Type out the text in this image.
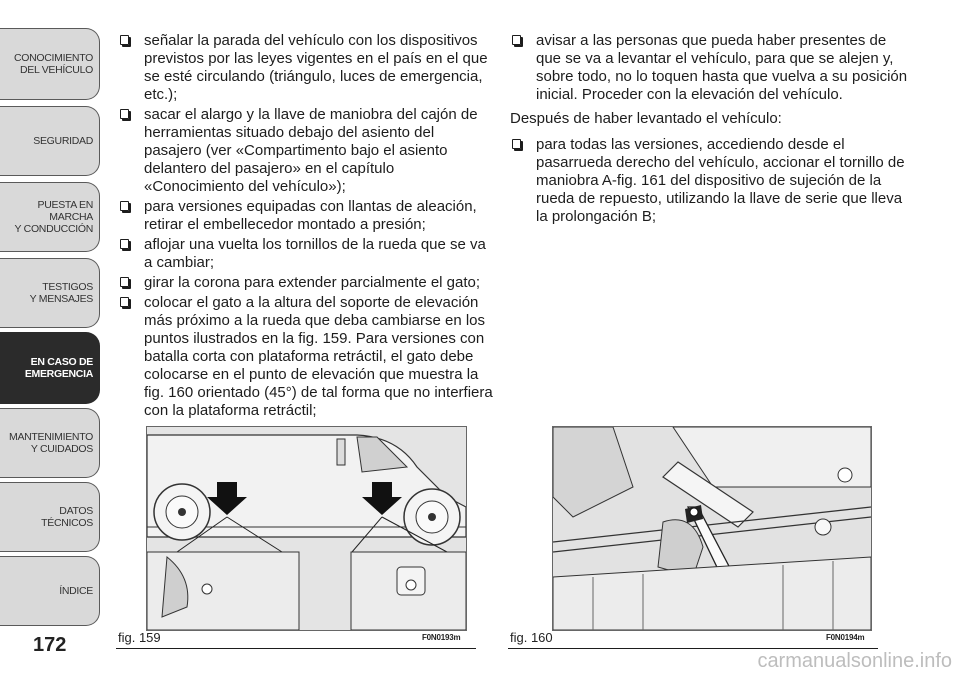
CONOCIMIENTO
DEL VEHÍCULO
SEGURIDAD
PUESTA EN
MARCHA
Y CONDUCCIÓN
TESTIGOS
Y MENSAJES
EN CASO DE
EMERGENCIA
MANTENIMIENTO
Y CUIDADOS
DATOS
TÉCNICOS
ÍNDICE
172
señalar la parada del vehículo con los dispositivos previstos por las leyes vigentes en el país en el que se esté circulando (triángulo, luces de emergencia, etc.);
sacar el alargo y la llave de maniobra del cajón de herramientas situado debajo del asiento del pasajero (ver «Compartimento bajo el asiento delantero del pasajero» en el capítulo «Conocimiento del vehículo»);
para versiones equipadas con llantas de aleación, retirar el embellecedor montado a presión;
aflojar una vuelta los tornillos de la rueda que se va a cambiar;
girar la corona para extender parcialmente el gato;
colocar el gato a la altura del soporte de elevación más próximo a la rueda que deba cambiarse en los puntos ilustrados en la fig. 159. Para versiones con batalla corta con plataforma retráctil, el gato debe colocarse en el punto de elevación que muestra la fig. 160 orientado (45°) de tal forma que no interfiera con la plataforma retráctil;
avisar a las personas que pueda haber presentes de que se va a levantar el vehículo, para que se alejen y, sobre todo, no lo toquen hasta que vuelva a su posición inicial. Proceder con la elevación del vehículo.
Después de haber levantado el vehículo:
para todas las versiones, accediendo desde el pasarrueda derecho del vehículo, accionar el tornillo de maniobra A-fig. 161 del dispositivo de sujeción de la rueda de repuesto, utilizando la llave de serie que lleva la prolongación B;
fig. 159	F0N0193m	fig. 160	F0N0194m
carmanualsonline.info
